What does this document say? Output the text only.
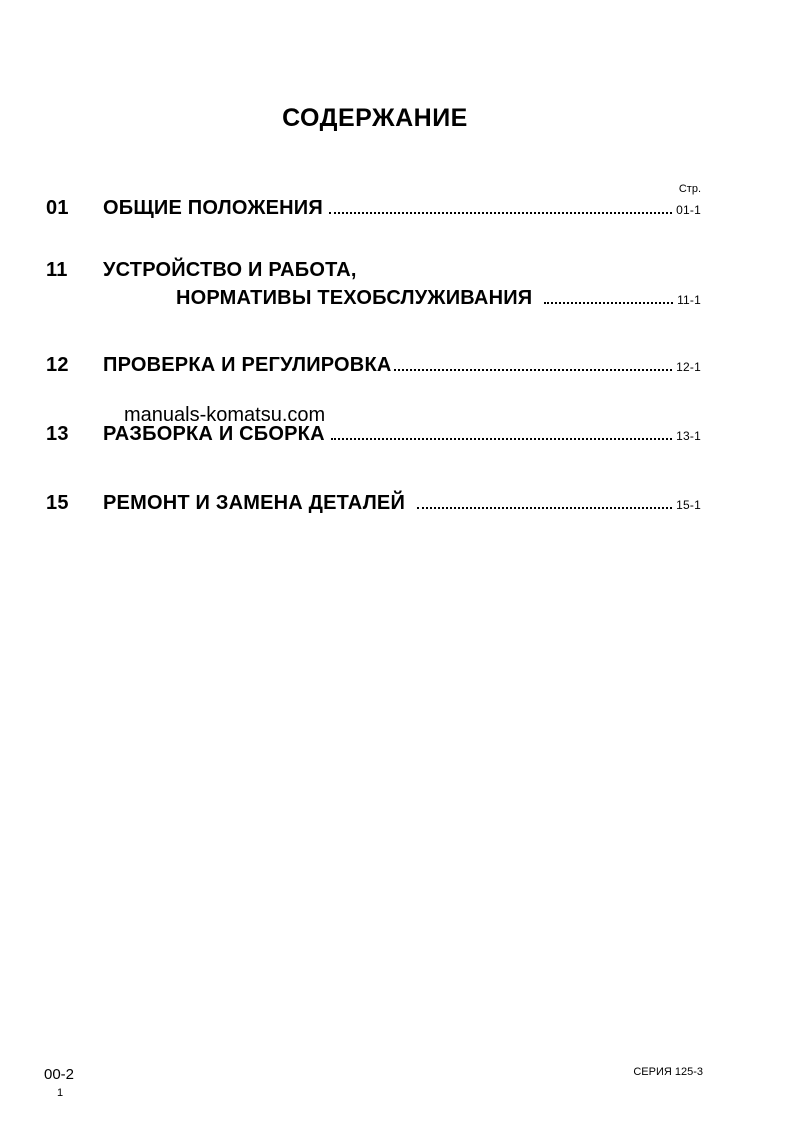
СОДЕРЖАНИЕ
Стр.
01 ОБЩИЕ ПОЛОЖЕНИЯ	01-1
11 УСТРОЙСТВО И РАБОТА,
НОРМАТИВЫ ТЕХОБСЛУЖИВАНИЯ	11-1
12 ПРОВЕРКА И РЕГУЛИРОВКА	12-1
13 РАЗБОРКА И СБОРКА	13-1
15 РЕМОНТ И ЗАМЕНА ДЕТАЛЕЙ	15-1
manuals-komatsu.com
00-2
1
СЕРИЯ 125-3
